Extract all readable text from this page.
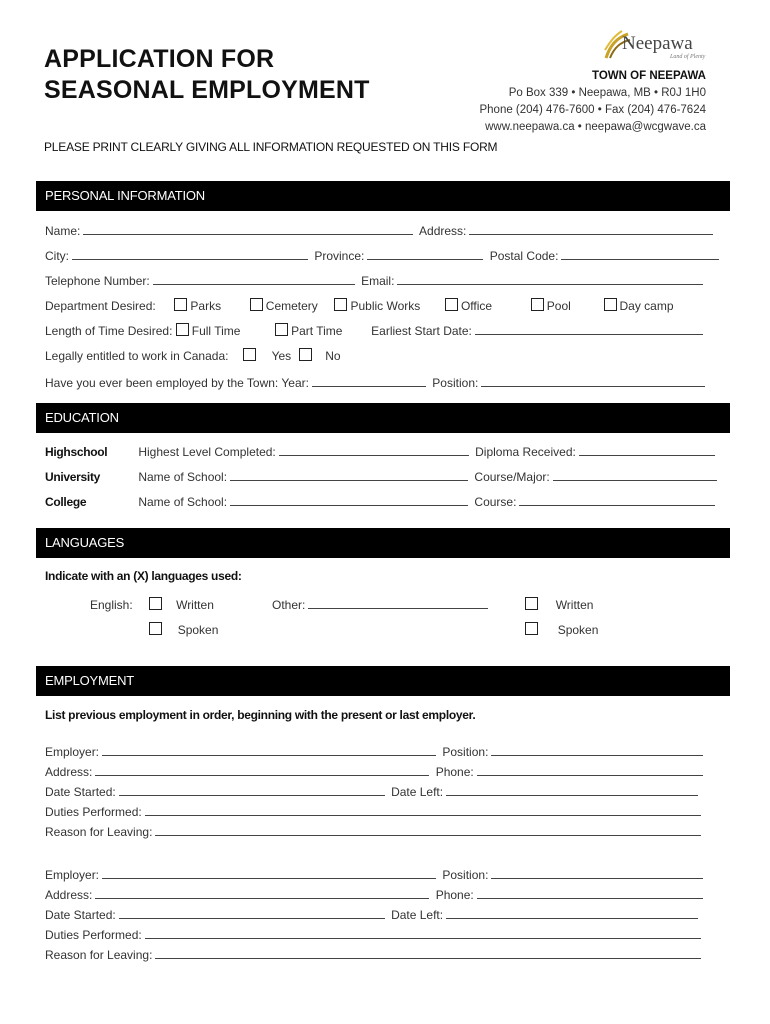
APPLICATION FOR
SEASONAL EMPLOYMENT
Neepawa
Land of Plenty
TOWN OF NEEPAWA
Po Box 339 • Neepawa, MB • R0J 1H0
Phone (204) 476-7600 • Fax (204) 476-7624
www.neepawa.ca • neepawa@wcgwave.ca
PLEASE PRINT CLEARLY GIVING ALL INFORMATION REQUESTED ON THIS FORM
PERSONAL INFORMATION
Name:	Address:
City:	Province:	Postal Code:
Telephone Number:	Email:
Department Desired:	Parks	Cemetery	Public Works	Office	Pool	Day camp
Length of Time Desired: Full Time	Part Time Earliest Start Date:
Legally entitled to work in Canada:	Yes	No
Have you ever been employed by the Town: Year:	Position:
EDUCATION
Highschool	Highest Level Completed:	Diploma Received:
University	Name of School:	Course/Major:
College	Name of School:	Course:
LANGUAGES
Indicate with an (X) languages used:
English:	Written	Other:	Written
Spoken	Spoken
EMPLOYMENT
List previous employment in order, beginning with the present or last employer.
Employer:	Position:
Address:	Phone:
Date Started:	Date Left:
Duties Performed:
Reason for Leaving:
Employer:	Position:
Address:	Phone:
Date Started:	Date Left:
Duties Performed:
Reason for Leaving:
